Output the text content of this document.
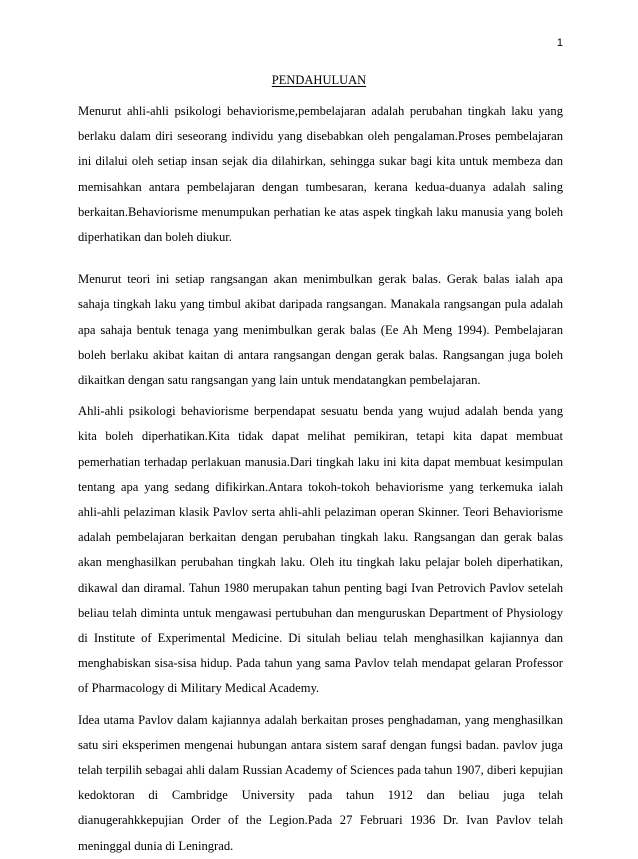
1
PENDAHULUAN

Menurut ahli-ahli psikologi behaviorisme,pembelajaran adalah perubahan tingkah laku yang berlaku dalam diri seseorang individu yang disebabkan oleh pengalaman.Proses pembelajaran ini dilalui oleh setiap insan sejak dia dilahirkan, sehingga sukar bagi kita untuk membeza dan memisahkan antara pembelajaran dengan tumbesaran, kerana kedua-duanya adalah saling berkaitan.Behaviorisme menumpukan perhatian ke atas aspek tingkah laku manusia yang boleh diperhatikan dan boleh diukur.

Menurut teori ini setiap rangsangan akan menimbulkan gerak balas. Gerak balas ialah apa sahaja tingkah laku yang timbul akibat daripada rangsangan. Manakala rangsangan pula adalah apa sahaja bentuk tenaga yang menimbulkan gerak balas (Ee Ah Meng 1994). Pembelajaran boleh berlaku akibat kaitan di antara rangsangan dengan gerak balas. Rangsangan juga boleh dikaitkan dengan satu rangsangan yang lain untuk mendatangkan pembelajaran.

Ahli-ahli psikologi behaviorisme berpendapat sesuatu benda yang wujud adalah benda yang kita boleh diperhatikan.Kita tidak dapat melihat pemikiran, tetapi kita dapat membuat pemerhatian terhadap perlakuan manusia.Dari tingkah laku ini kita dapat membuat kesimpulan tentang apa yang sedang difikirkan.Antara tokoh-tokoh behaviorisme yang terkemuka ialah ahli-ahli pelaziman klasik Pavlov serta ahli-ahli pelaziman operan Skinner. Teori Behaviorisme adalah pembelajaran berkaitan dengan perubahan tingkah laku. Rangsangan dan gerak balas akan menghasilkan perubahan tingkah laku. Oleh itu tingkah laku pelajar boleh diperhatikan, dikawal dan diramal. Tahun 1980 merupakan tahun penting bagi Ivan Petrovich Pavlov setelah beliau telah diminta untuk mengawasi pertubuhan dan menguruskan Department of Physiology di Institute of Experimental Medicine. Di situlah beliau telah menghasilkan kajiannya dan menghabiskan sisa-sisa hidup. Pada tahun yang sama Pavlov telah mendapat gelaran Professor of Pharmacology di Military Medical Academy.

Idea utama Pavlov dalam kajiannya adalah berkaitan proses penghadaman, yang menghasilkan satu siri eksperimen mengenai hubungan antara sistem saraf dengan fungsi badan. pavlov juga telah terpilih sebagai ahli dalam Russian Academy of Sciences pada tahun 1907, diberi kepujian kedoktoran di Cambridge University pada tahun 1912 dan beliau juga telah dianugerahkkepujian Order of the Legion.Pada 27 Februari 1936 Dr. Ivan Pavlov telah meninggal dunia di Leningrad.
